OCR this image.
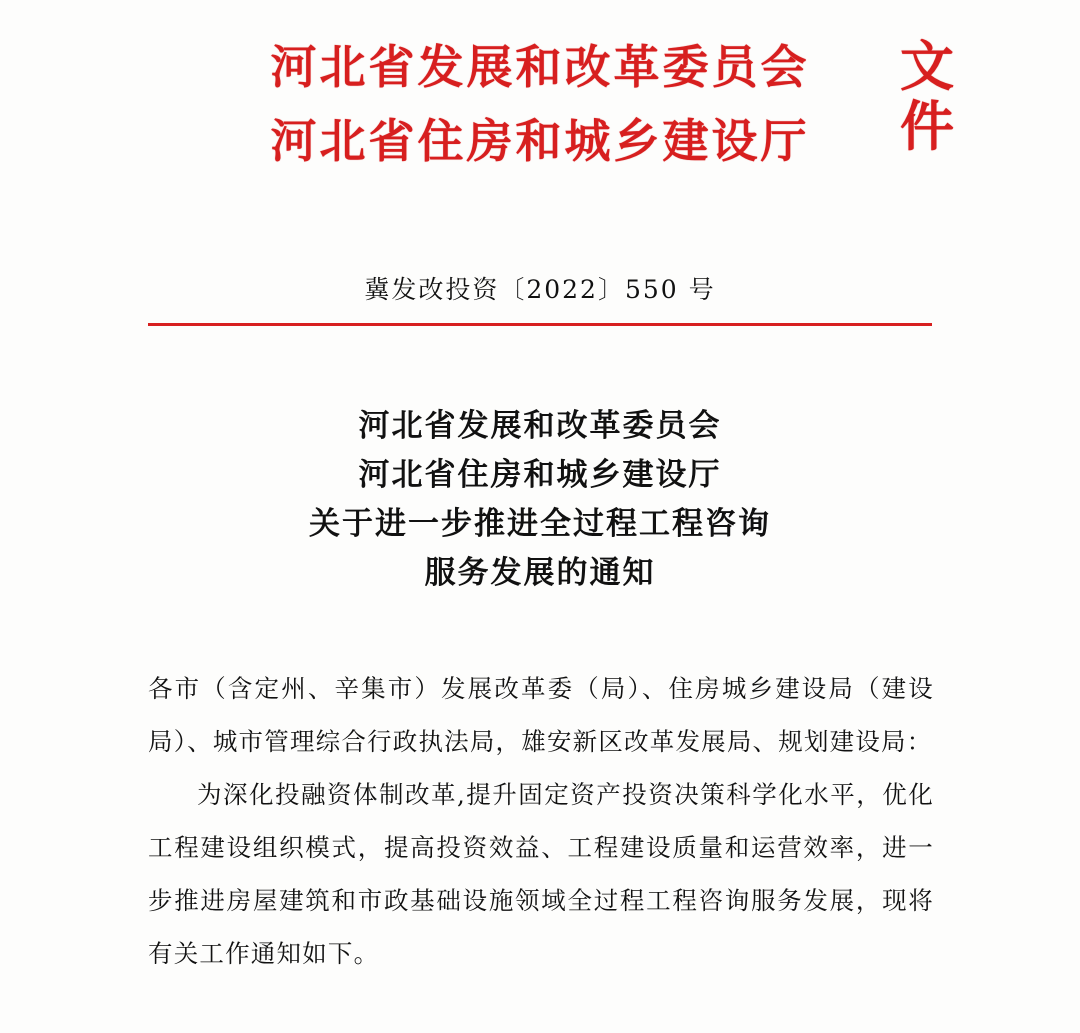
河北省发展和改革委员会
河北省住房和城乡建设厅
文
件
冀发改投资〔2022〕550 号
河北省发展和改革委员会
河北省住房和城乡建设厅
关于进一步推进全过程工程咨询
服务发展的通知
各市（含定州、辛集市）发展改革委（局）、住房城乡建设局（建设局）、城市管理综合行政执法局，雄安新区改革发展局、规划建设局：
为深化投融资体制改革,提升固定资产投资决策科学化水平，优化工程建设组织模式，提高投资效益、工程建设质量和运营效率，进一步推进房屋建筑和市政基础设施领域全过程工程咨询服务发展，现将有关工作通知如下。
